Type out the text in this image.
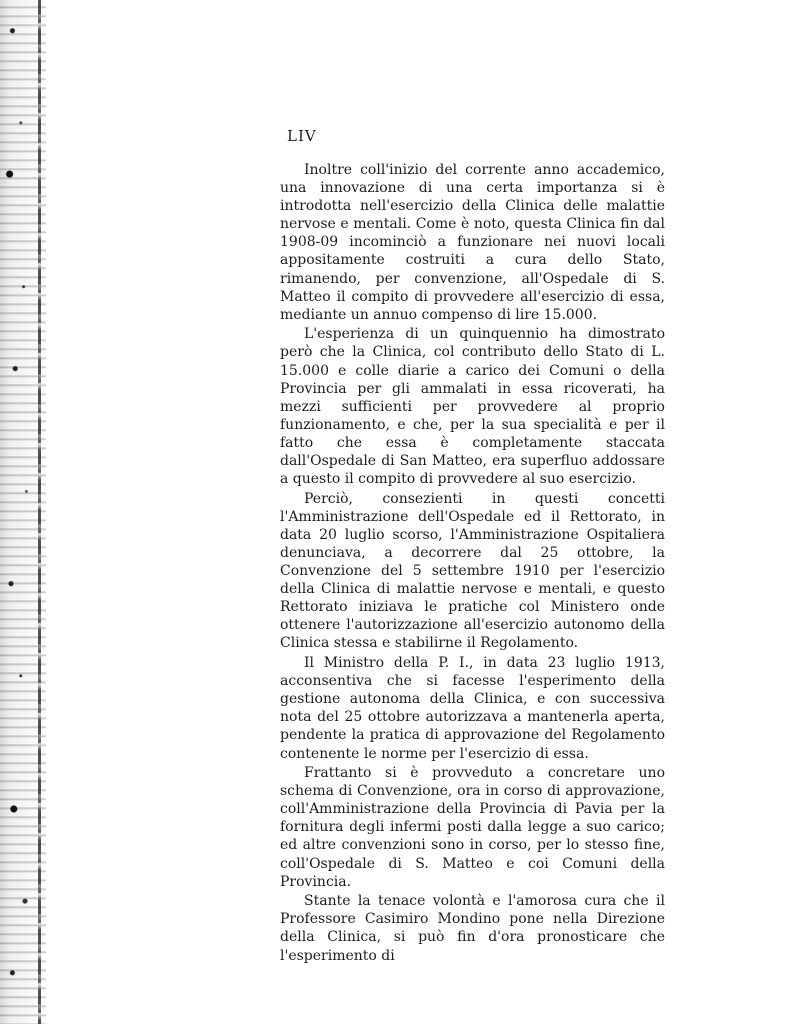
LIV

Inoltre coll'inizio del corrente anno accademico, una innovazione di una certa importanza si è introdotta nell'esercizio della Clinica delle malattie nervose e mentali. Come è noto, questa Clinica fin dal 1908-09 incominciò a funzionare nei nuovi locali appositamente costruiti a cura dello Stato, rimanendo, per convenzione, all'Ospedale di S. Matteo il compito di provvedere all'esercizio di essa, mediante un annuo compenso di lire 15.000.

L'esperienza di un quinquennio ha dimostrato però che la Clinica, col contributo dello Stato di L. 15.000 e colle diarie a carico dei Comuni o della Provincia per gli ammalati in essa ricoverati, ha mezzi sufficienti per provvedere al proprio funzionamento, e che, per la sua specialità e per il fatto che essa è completamente staccata dall'Ospedale di San Matteo, era superfluo addossare a questo il compito di provvedere al suo esercizio.

Perciò, consezienti in questi concetti l'Amministrazione dell'Ospedale ed il Rettorato, in data 20 luglio scorso, l'Amministrazione Ospitaliera denunciava, a decorrere dal 25 ottobre, la Convenzione del 5 settembre 1910 per l'esercizio della Clinica di malattie nervose e mentali, e questo Rettorato iniziava le pratiche col Ministero onde ottenere l'autorizzazione all'esercizio autonomo della Clinica stessa e stabilirne il Regolamento.

Il Ministro della P. I., in data 23 luglio 1913, acconsentiva che si facesse l'esperimento della gestione autonoma della Clinica, e con successiva nota del 25 ottobre autorizzava a mantenerla aperta, pendente la pratica di approvazione del Regolamento contenente le norme per l'esercizio di essa.

Frattanto si è provveduto a concretare uno schema di Convenzione, ora in corso di approvazione, coll'Amministrazione della Provincia di Pavia per la fornitura degli infermi posti dalla legge a suo carico; ed altre convenzioni sono in corso, per lo stesso fine, coll'Ospedale di S. Matteo e coi Comuni della Provincia.

Stante la tenace volontà e l'amorosa cura che il Professore Casimiro Mondino pone nella Direzione della Clinica, si può fin d'ora pronosticare che l'esperimento di
